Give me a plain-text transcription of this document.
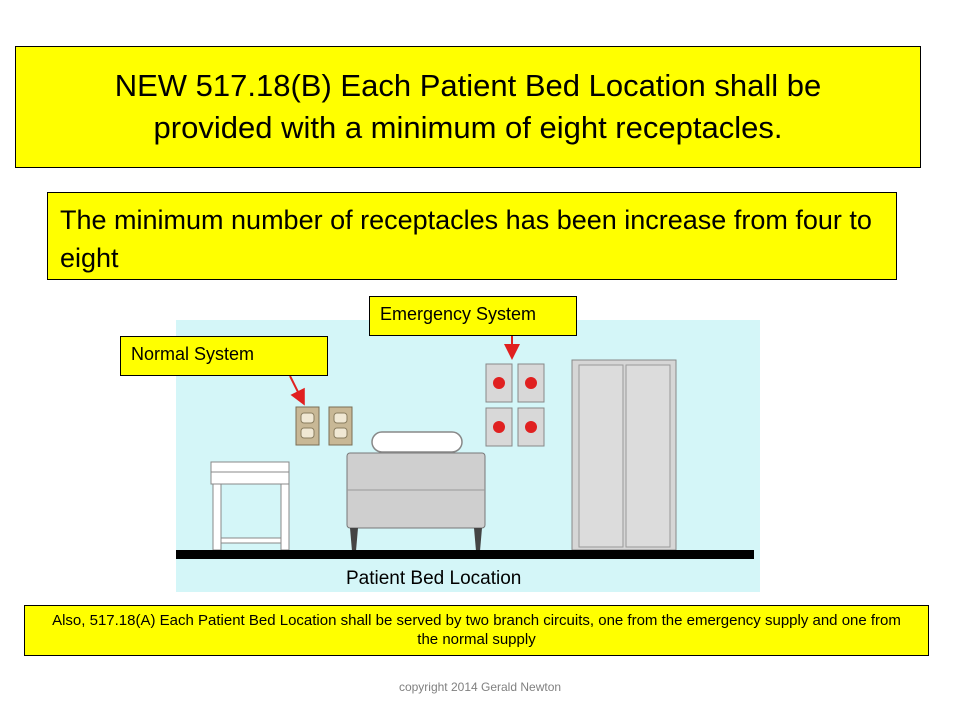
NEW 517.18(B) Each Patient Bed Location shall be provided with a minimum of eight receptacles.
The minimum number of receptacles has been increase from four to eight
Patient Bed Location
Normal System
Emergency System
Also, 517.18(A) Each Patient Bed Location shall be served by two branch circuits, one from the emergency supply and one from the normal supply
copyright 2014 Gerald Newton
